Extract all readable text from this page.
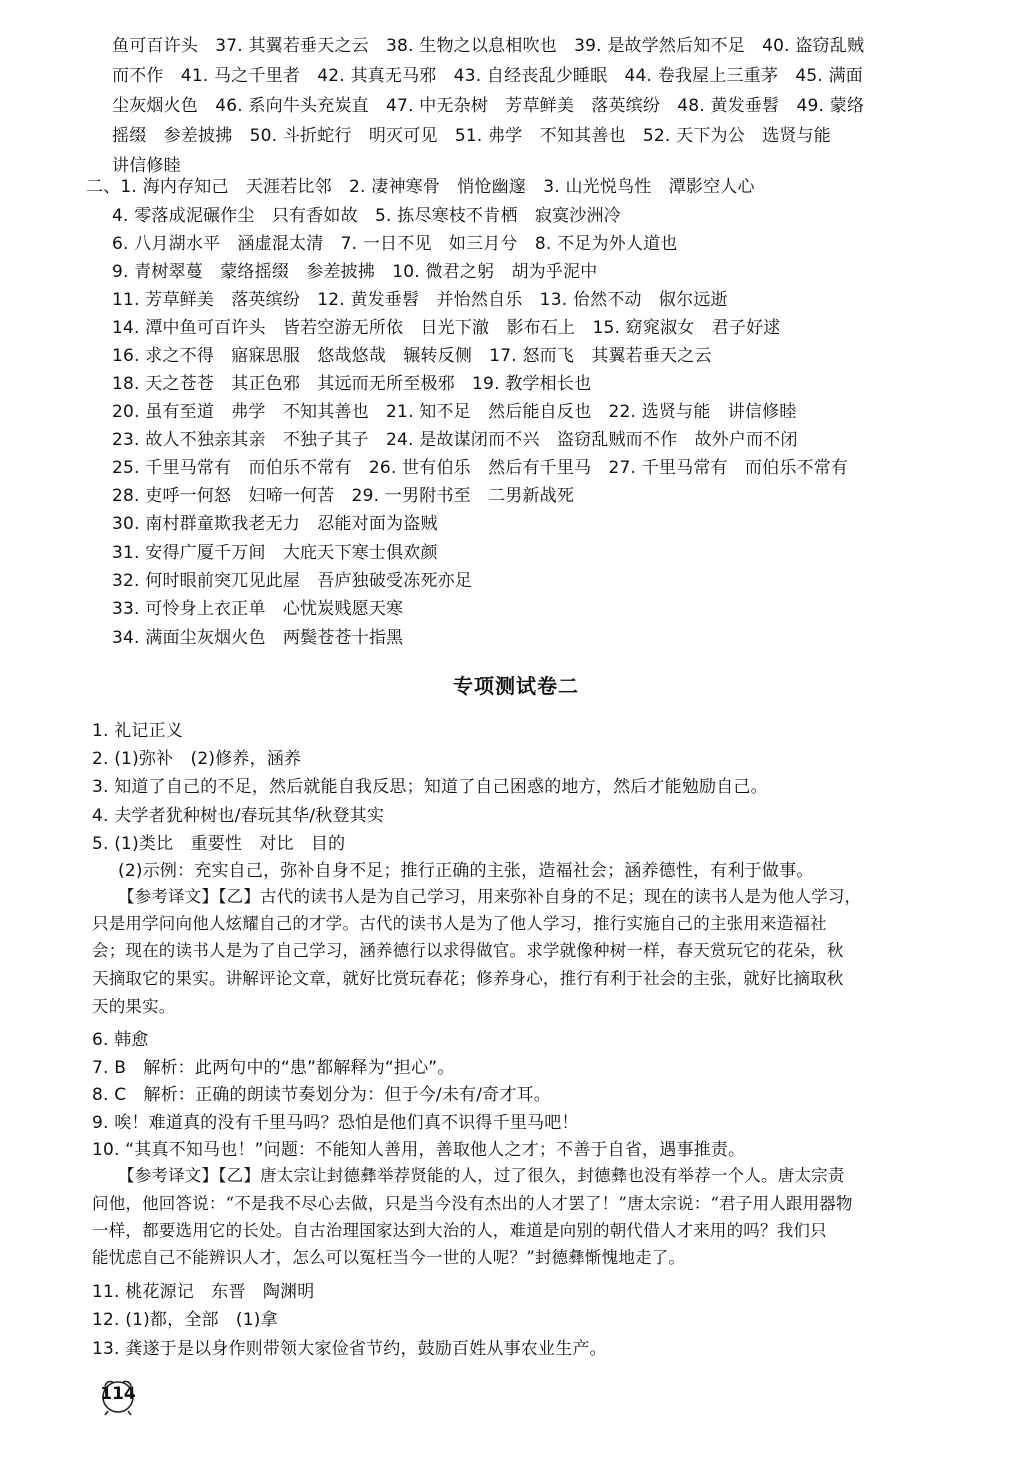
鱼可百许头　37. 其翼若垂天之云　38. 生物之以息相吹也　39. 是故学然后知不足　40. 盗窃乱贼
而不作　41. 马之千里者　42. 其真无马邪　43. 自经丧乱少睡眠　44. 卷我屋上三重茅　45. 满面
尘灰烟火色　46. 系向牛头充炭直　47. 中无杂树　芳草鲜美　落英缤纷　48. 黄发垂髫　49. 蒙络
摇缀　参差披拂　50. 斗折蛇行　明灭可见　51. 弗学　不知其善也　52. 天下为公　选贤与能
讲信修睦
二、1. 海内存知己　天涯若比邻　2. 凄神寒骨　悄怆幽邃　3. 山光悦鸟性　潭影空人心
4. 零落成泥碾作尘　只有香如故　5. 拣尽寒枝不肯栖　寂寞沙洲冷
6. 八月湖水平　涵虚混太清　7. 一日不见　如三月兮　8. 不足为外人道也
9. 青树翠蔓　蒙络摇缀　参差披拂　10. 微君之躬　胡为乎泥中
11. 芳草鲜美　落英缤纷　12. 黄发垂髫　并怡然自乐　13. 佁然不动　俶尔远逝
14. 潭中鱼可百许头　皆若空游无所依　日光下澈　影布石上　15. 窈窕淑女　君子好逑
16. 求之不得　寤寐思服　悠哉悠哉　辗转反侧　17. 怒而飞　其翼若垂天之云
18. 天之苍苍　其正色邪　其远而无所至极邪　19. 教学相长也
20. 虽有至道　弗学　不知其善也　21. 知不足　然后能自反也　22. 选贤与能　讲信修睦
23. 故人不独亲其亲　不独子其子　24. 是故谋闭而不兴　盗窃乱贼而不作　故外户而不闭
25. 千里马常有　而伯乐不常有　26. 世有伯乐　然后有千里马　27. 千里马常有　而伯乐不常有
28. 吏呼一何怒　妇啼一何苦　29. 一男附书至　二男新战死
30. 南村群童欺我老无力　忍能对面为盗贼
31. 安得广厦千万间　大庇天下寒士俱欢颜
32. 何时眼前突兀见此屋　吾庐独破受冻死亦足
33. 可怜身上衣正单　心忧炭贱愿天寒
34. 满面尘灰烟火色　两鬓苍苍十指黑
专项测试卷二
1. 礼记正义
2. (1)弥补　(2)修养，涵养
3. 知道了自己的不足，然后就能自我反思；知道了自己困惑的地方，然后才能勉励自己。
4. 夫学者犹种树也/春玩其华/秋登其实
5. (1)类比　重要性　对比　目的
(2)示例：充实自己，弥补自身不足；推行正确的主张，造福社会；涵养德性，有利于做事。
【参考译文】【乙】古代的读书人是为自己学习，用来弥补自身的不足；现在的读书人是为他人学习，
只是用学问向他人炫耀自己的才学。古代的读书人是为了他人学习，推行实施自己的主张用来造福社
会；现在的读书人是为了自己学习，涵养德行以求得做官。求学就像种树一样，春天赏玩它的花朵，秋
天摘取它的果实。讲解评论文章，就好比赏玩春花；修养身心，推行有利于社会的主张，就好比摘取秋
天的果实。
6. 韩愈
7. B　解析：此两句中的“患”都解释为“担心”。
8. C　解析：正确的朗读节奏划分为：但于今/未有/奇才耳。
9. 唉！难道真的没有千里马吗？恐怕是他们真不识得千里马吧！
10. “其真不知马也！”问题：不能知人善用，善取他人之才；不善于自省，遇事推责。
【参考译文】【乙】唐太宗让封德彝举荐贤能的人，过了很久，封德彝也没有举荐一个人。唐太宗责
问他，他回答说：“不是我不尽心去做，只是当今没有杰出的人才罢了！”唐太宗说：“君子用人跟用器物
一样，都要选用它的长处。自古治理国家达到大治的人，难道是向别的朝代借人才来用的吗？我们只
能忧虑自己不能辨识人才，怎么可以冤枉当今一世的人呢？”封德彝惭愧地走了。
11. 桃花源记　东晋　陶渊明
12. (1)都，全部　(1)拿
13. 龚遂于是以身作则带领大家俭省节约，鼓励百姓从事农业生产。
114
